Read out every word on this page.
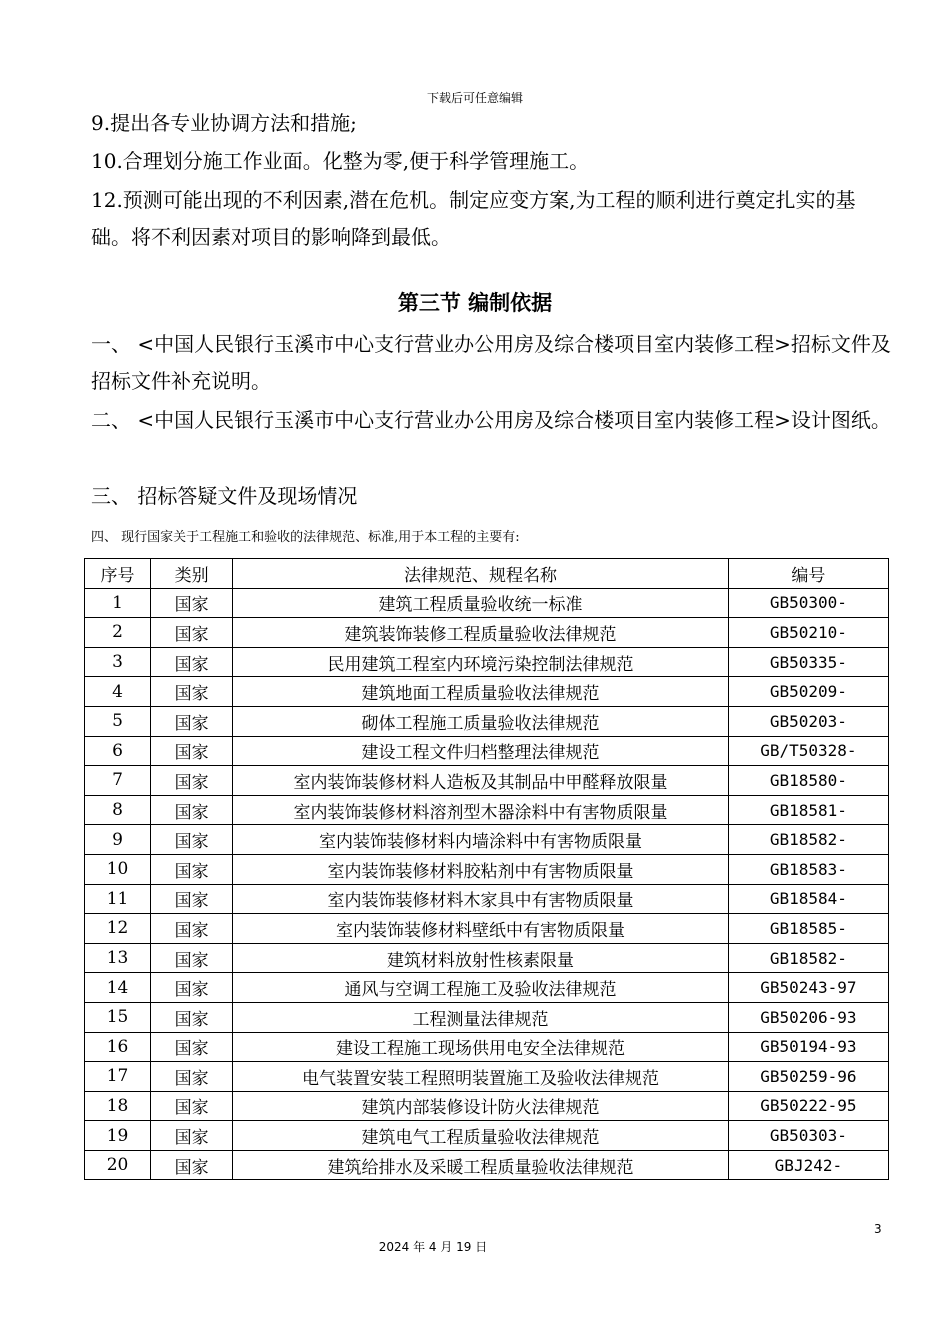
下载后可任意编辑
9.提出各专业协调方法和措施;
10.合理划分施工作业面。化整为零,便于科学管理施工。
12.预测可能出现的不利因素,潜在危机。制定应变方案,为工程的顺利进行奠定扎实的基础。将不利因素对项目的影响降到最低。
第三节 编制依据
一、 <中国人民银行玉溪市中心支行营业办公用房及综合楼项目室内装修工程>招标文件及招标文件补充说明。
二、 <中国人民银行玉溪市中心支行营业办公用房及综合楼项目室内装修工程>设计图纸。
三、 招标答疑文件及现场情况
四、 现行国家关于工程施工和验收的法律规范、标准,用于本工程的主要有:
序号	类别	法律规范、规程名称	编号
1	国家	建筑工程质量验收统一标准	GB50300-
2	国家	建筑装饰装修工程质量验收法律规范	GB50210-
3	国家	民用建筑工程室内环境污染控制法律规范	GB50335-
4	国家	建筑地面工程质量验收法律规范	GB50209-
5	国家	砌体工程施工质量验收法律规范	GB50203-
6	国家	建设工程文件归档整理法律规范	GB/T50328-
7	国家	室内装饰装修材料人造板及其制品中甲醛释放限量	GB18580-
8	国家	室内装饰装修材料溶剂型木器涂料中有害物质限量	GB18581-
9	国家	室内装饰装修材料内墙涂料中有害物质限量	GB18582-
10	国家	室内装饰装修材料胶粘剂中有害物质限量	GB18583-
11	国家	室内装饰装修材料木家具中有害物质限量	GB18584-
12	国家	室内装饰装修材料壁纸中有害物质限量	GB18585-
13	国家	建筑材料放射性核素限量	GB18582-
14	国家	通风与空调工程施工及验收法律规范	GB50243-97
15	国家	工程测量法律规范	GB50206-93
16	国家	建设工程施工现场供用电安全法律规范	GB50194-93
17	国家	电气装置安装工程照明装置施工及验收法律规范	GB50259-96
18	国家	建筑内部装修设计防火法律规范	GB50222-95
19	国家	建筑电气工程质量验收法律规范	GB50303-
20	国家	建筑给排水及采暖工程质量验收法律规范	GBJ242-
3
2024 年 4 月 19 日
